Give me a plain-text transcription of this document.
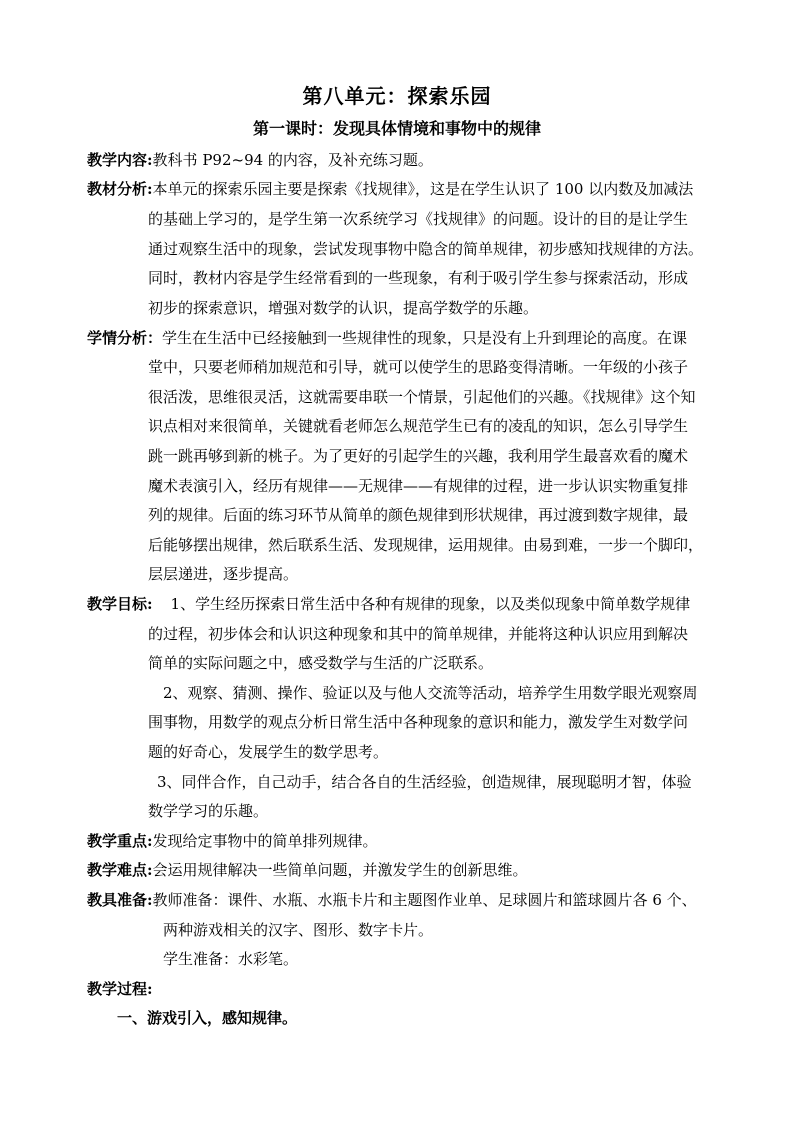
第八单元：探索乐园
第一课时：发现具体情境和事物中的规律
教学内容:教科书 P92~94 的内容，及补充练习题。
教材分析:本单元的探索乐园主要是探索《找规律》，这是在学生认识了 100 以内数及加减法
的基础上学习的，是学生第一次系统学习《找规律》的问题。设计的目的是让学生
通过观察生活中的现象，尝试发现事物中隐含的简单规律，初步感知找规律的方法。
同时，教材内容是学生经常看到的一些现象，有利于吸引学生参与探索活动，形成
初步的探索意识，增强对数学的认识，提高学数学的乐趣。
学情分析：学生在生活中已经接触到一些规律性的现象，只是没有上升到理论的高度。在课
堂中，只要老师稍加规范和引导，就可以使学生的思路变得清晰。一年级的小孩子
很活泼，思维很灵活，这就需要串联一个情景，引起他们的兴趣。《找规律》这个知
识点相对来很简单，关键就看老师怎么规范学生已有的凌乱的知识，怎么引导学生
跳一跳再够到新的桃子。为了更好的引起学生的兴趣，我利用学生最喜欢看的魔术
魔术表演引入，经历有规律——无规律——有规律的过程，进一步认识实物重复排
列的规律。后面的练习环节从简单的颜色规律到形状规律，再过渡到数字规律，最
后能够摆出规律，然后联系生活、发现规律，运用规律。由易到难，一步一个脚印，
层层递进，逐步提高。
教学目标: 1、学生经历探索日常生活中各种有规律的现象，以及类似现象中简单数学规律
的过程，初步体会和认识这种现象和其中的简单规律，并能将这种认识应用到解决
简单的实际问题之中，感受数学与生活的广泛联系。
2、观察、猜测、操作、验证以及与他人交流等活动，培养学生用数学眼光观察周
围事物，用数学的观点分析日常生活中各种现象的意识和能力，激发学生对数学问
题的好奇心，发展学生的数学思考。
3、同伴合作，自己动手，结合各自的生活经验，创造规律，展现聪明才智，体验
数学学习的乐趣。
教学重点:发现给定事物中的简单排列规律。
教学难点:会运用规律解决一些简单问题，并激发学生的创新思维。
教具准备:教师准备：课件、水瓶、水瓶卡片和主题图作业单、足球圆片和篮球圆片各 6 个、
两种游戏相关的汉字、图形、数字卡片。
学生准备：水彩笔。
教学过程:
一、游戏引入，感知规律。
